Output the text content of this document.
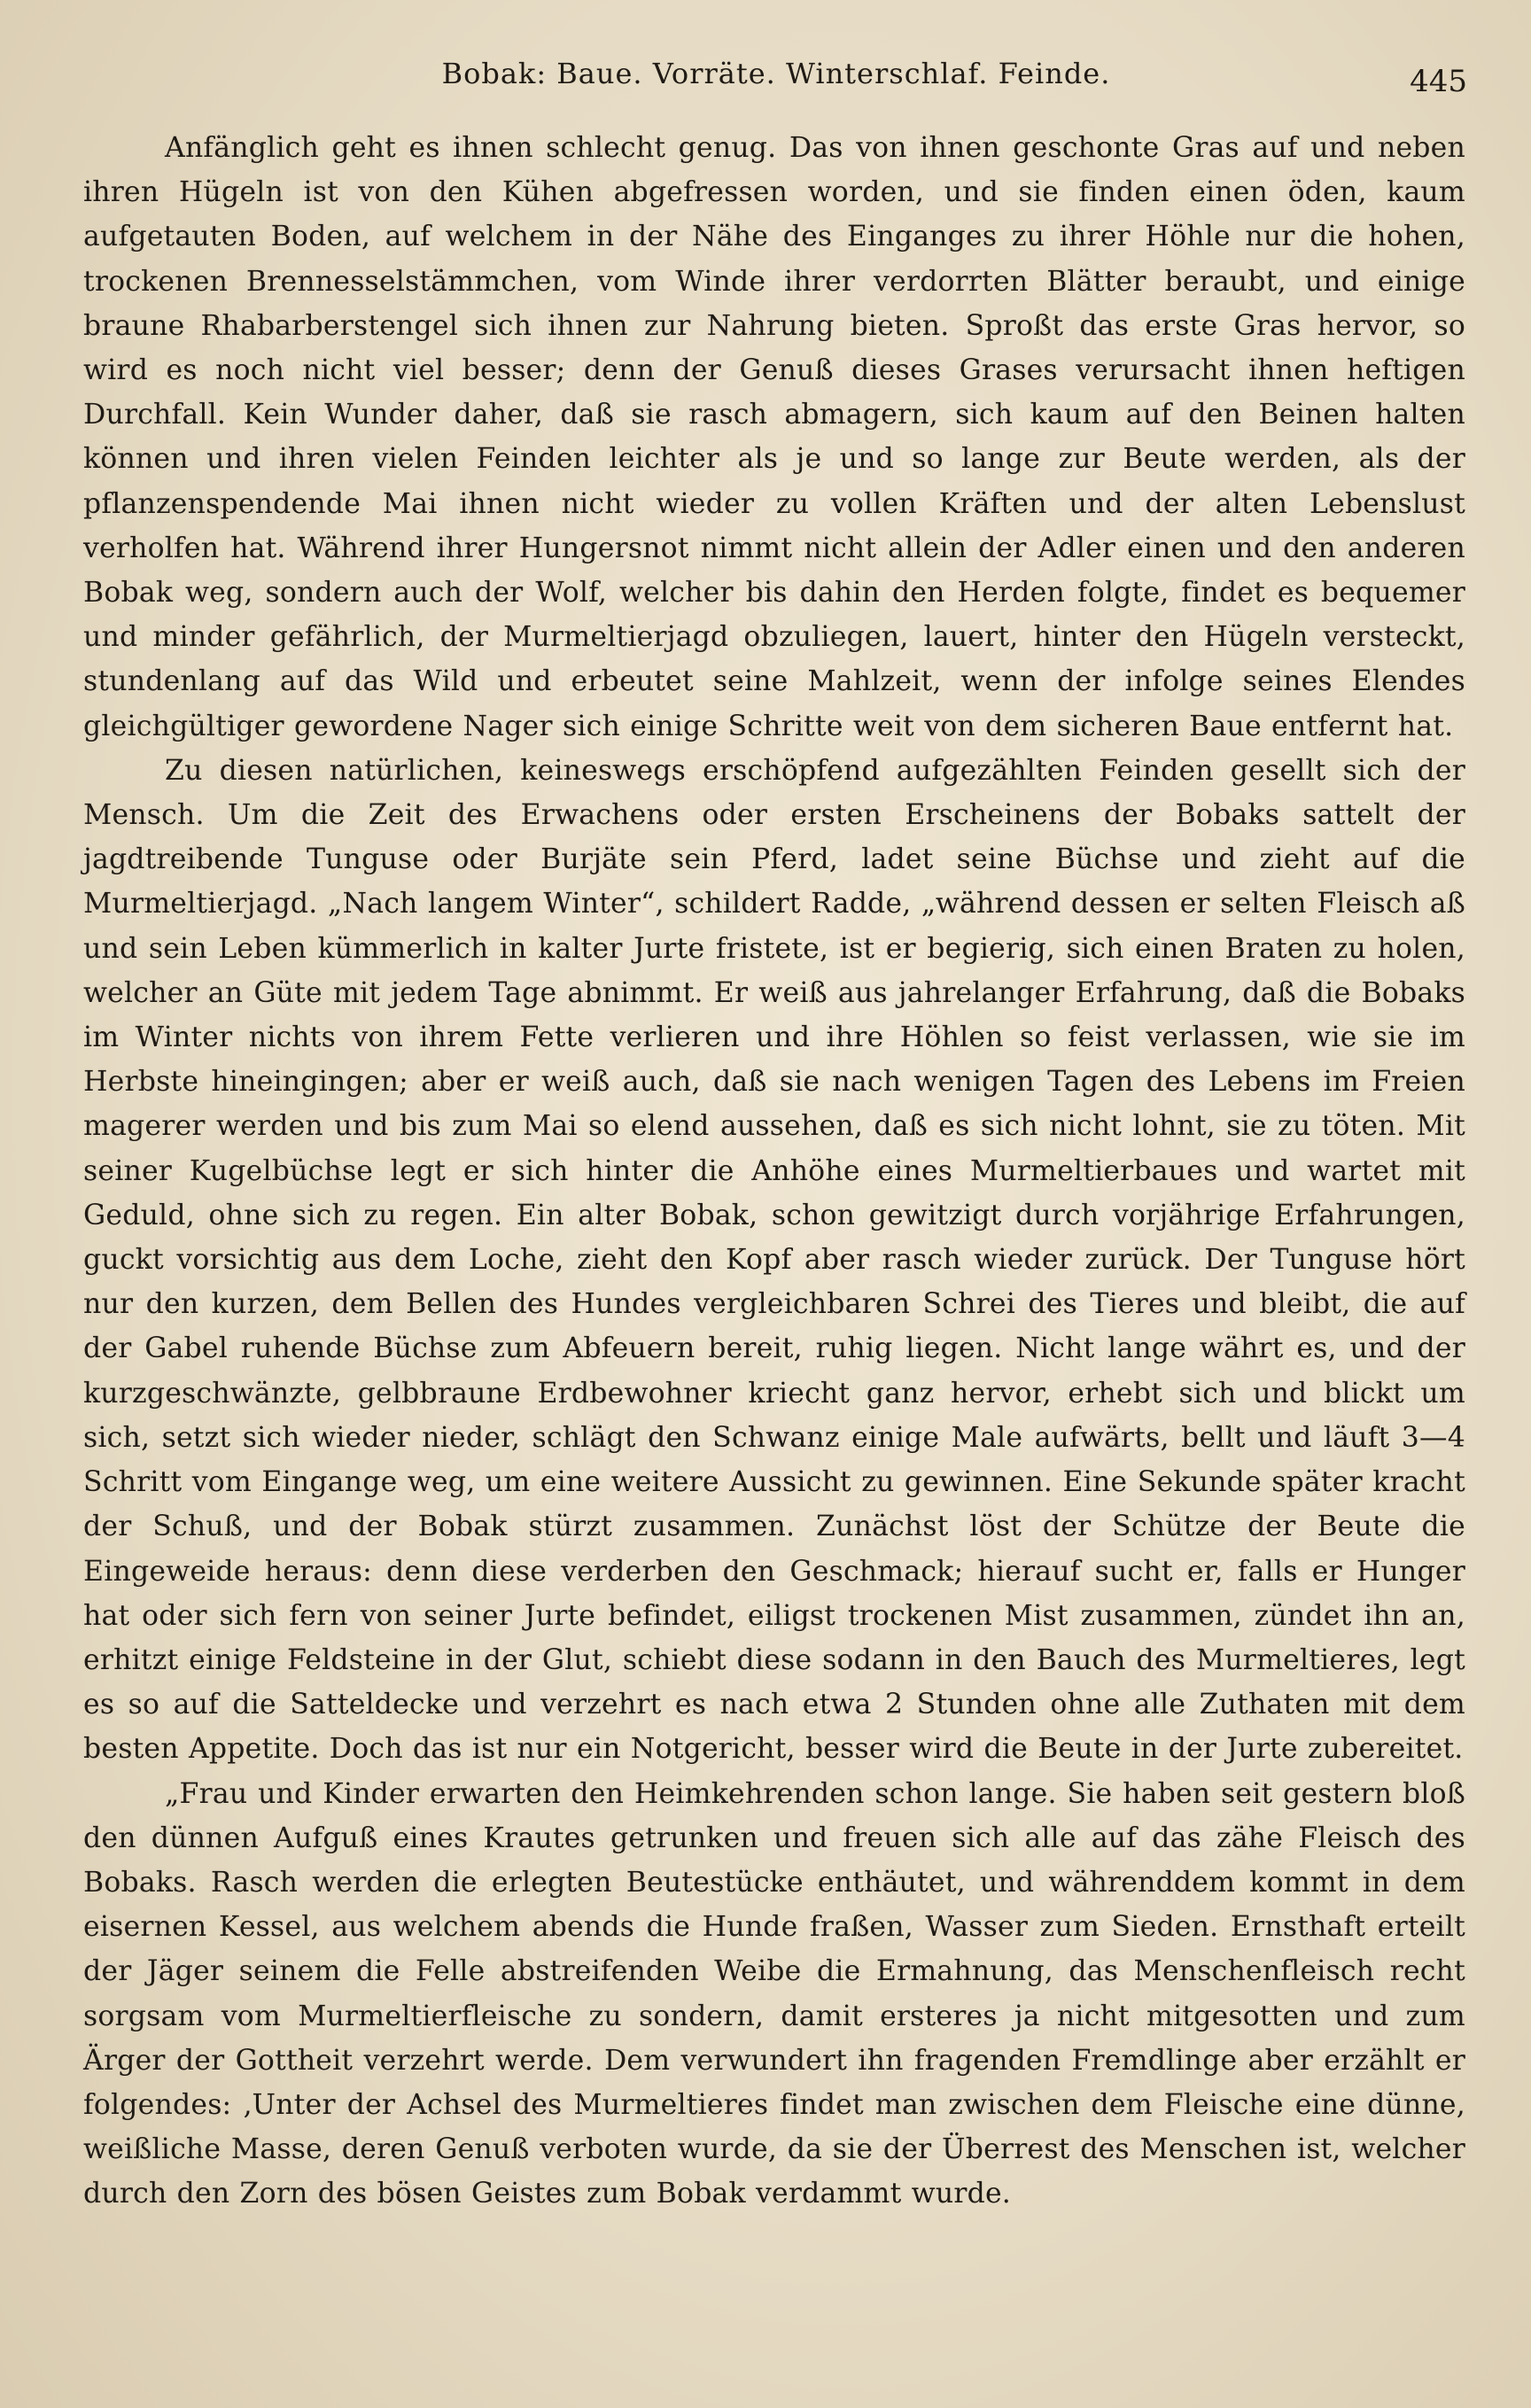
Bobak: Baue. Vorräte. Winterschlaf. Feinde.	445

Anfänglich geht es ihnen schlecht genug. Das von ihnen geschonte Gras auf und neben ihren Hügeln ist von den Kühen abgefressen worden, und sie finden einen öden, kaum aufgetauten Boden, auf welchem in der Nähe des Einganges zu ihrer Höhle nur die hohen, trockenen Brennesselstämmchen, vom Winde ihrer verdorrten Blätter beraubt, und einige braune Rhabarberstengel sich ihnen zur Nahrung bieten. Sproßt das erste Gras hervor, so wird es noch nicht viel besser; denn der Genuß dieses Grases verursacht ihnen heftigen Durchfall. Kein Wunder daher, daß sie rasch abmagern, sich kaum auf den Beinen halten können und ihren vielen Feinden leichter als je und so lange zur Beute werden, als der pflanzenspendende Mai ihnen nicht wieder zu vollen Kräften und der alten Lebenslust verholfen hat. Während ihrer Hungersnot nimmt nicht allein der Adler einen und den anderen Bobak weg, sondern auch der Wolf, welcher bis dahin den Herden folgte, findet es bequemer und minder gefährlich, der Murmeltierjagd obzuliegen, lauert, hinter den Hügeln versteckt, stundenlang auf das Wild und erbeutet seine Mahlzeit, wenn der infolge seines Elendes gleichgültiger gewordene Nager sich einige Schritte weit von dem sicheren Baue entfernt hat.

Zu diesen natürlichen, keineswegs erschöpfend aufgezählten Feinden gesellt sich der Mensch. Um die Zeit des Erwachens oder ersten Erscheinens der Bobaks sattelt der jagdtreibende Tunguse oder Burjäte sein Pferd, ladet seine Büchse und zieht auf die Murmeltierjagd. „Nach langem Winter“, schildert Radde, „während dessen er selten Fleisch aß und sein Leben kümmerlich in kalter Jurte fristete, ist er begierig, sich einen Braten zu holen, welcher an Güte mit jedem Tage abnimmt. Er weiß aus jahrelanger Erfahrung, daß die Bobaks im Winter nichts von ihrem Fette verlieren und ihre Höhlen so feist verlassen, wie sie im Herbste hineingingen; aber er weiß auch, daß sie nach wenigen Tagen des Lebens im Freien magerer werden und bis zum Mai so elend aussehen, daß es sich nicht lohnt, sie zu töten. Mit seiner Kugelbüchse legt er sich hinter die Anhöhe eines Murmeltierbaues und wartet mit Geduld, ohne sich zu regen. Ein alter Bobak, schon gewitzigt durch vorjährige Erfahrungen, guckt vorsichtig aus dem Loche, zieht den Kopf aber rasch wieder zurück. Der Tunguse hört nur den kurzen, dem Bellen des Hundes vergleichbaren Schrei des Tieres und bleibt, die auf der Gabel ruhende Büchse zum Abfeuern bereit, ruhig liegen. Nicht lange währt es, und der kurzgeschwänzte, gelbbraune Erdbewohner kriecht ganz hervor, erhebt sich und blickt um sich, setzt sich wieder nieder, schlägt den Schwanz einige Male aufwärts, bellt und läuft 3—4 Schritt vom Eingange weg, um eine weitere Aussicht zu gewinnen. Eine Sekunde später kracht der Schuß, und der Bobak stürzt zusammen. Zunächst löst der Schütze der Beute die Eingeweide heraus: denn diese verderben den Geschmack; hierauf sucht er, falls er Hunger hat oder sich fern von seiner Jurte befindet, eiligst trockenen Mist zusammen, zündet ihn an, erhitzt einige Feldsteine in der Glut, schiebt diese sodann in den Bauch des Murmeltieres, legt es so auf die Satteldecke und verzehrt es nach etwa 2 Stunden ohne alle Zuthaten mit dem besten Appetite. Doch das ist nur ein Notgericht, besser wird die Beute in der Jurte zubereitet.

„Frau und Kinder erwarten den Heimkehrenden schon lange. Sie haben seit gestern bloß den dünnen Aufguß eines Krautes getrunken und freuen sich alle auf das zähe Fleisch des Bobaks. Rasch werden die erlegten Beutestücke enthäutet, und währenddem kommt in dem eisernen Kessel, aus welchem abends die Hunde fraßen, Wasser zum Sieden. Ernsthaft erteilt der Jäger seinem die Felle abstreifenden Weibe die Ermahnung, das Menschenfleisch recht sorgsam vom Murmeltierfleische zu sondern, damit ersteres ja nicht mitgesotten und zum Ärger der Gottheit verzehrt werde. Dem verwundert ihn fragenden Fremdlinge aber erzählt er folgendes: ‚Unter der Achsel des Murmeltieres findet man zwischen dem Fleische eine dünne, weißliche Masse, deren Genuß verboten wurde, da sie der Überrest des Menschen ist, welcher durch den Zorn des bösen Geistes zum Bobak verdammt wurde.
